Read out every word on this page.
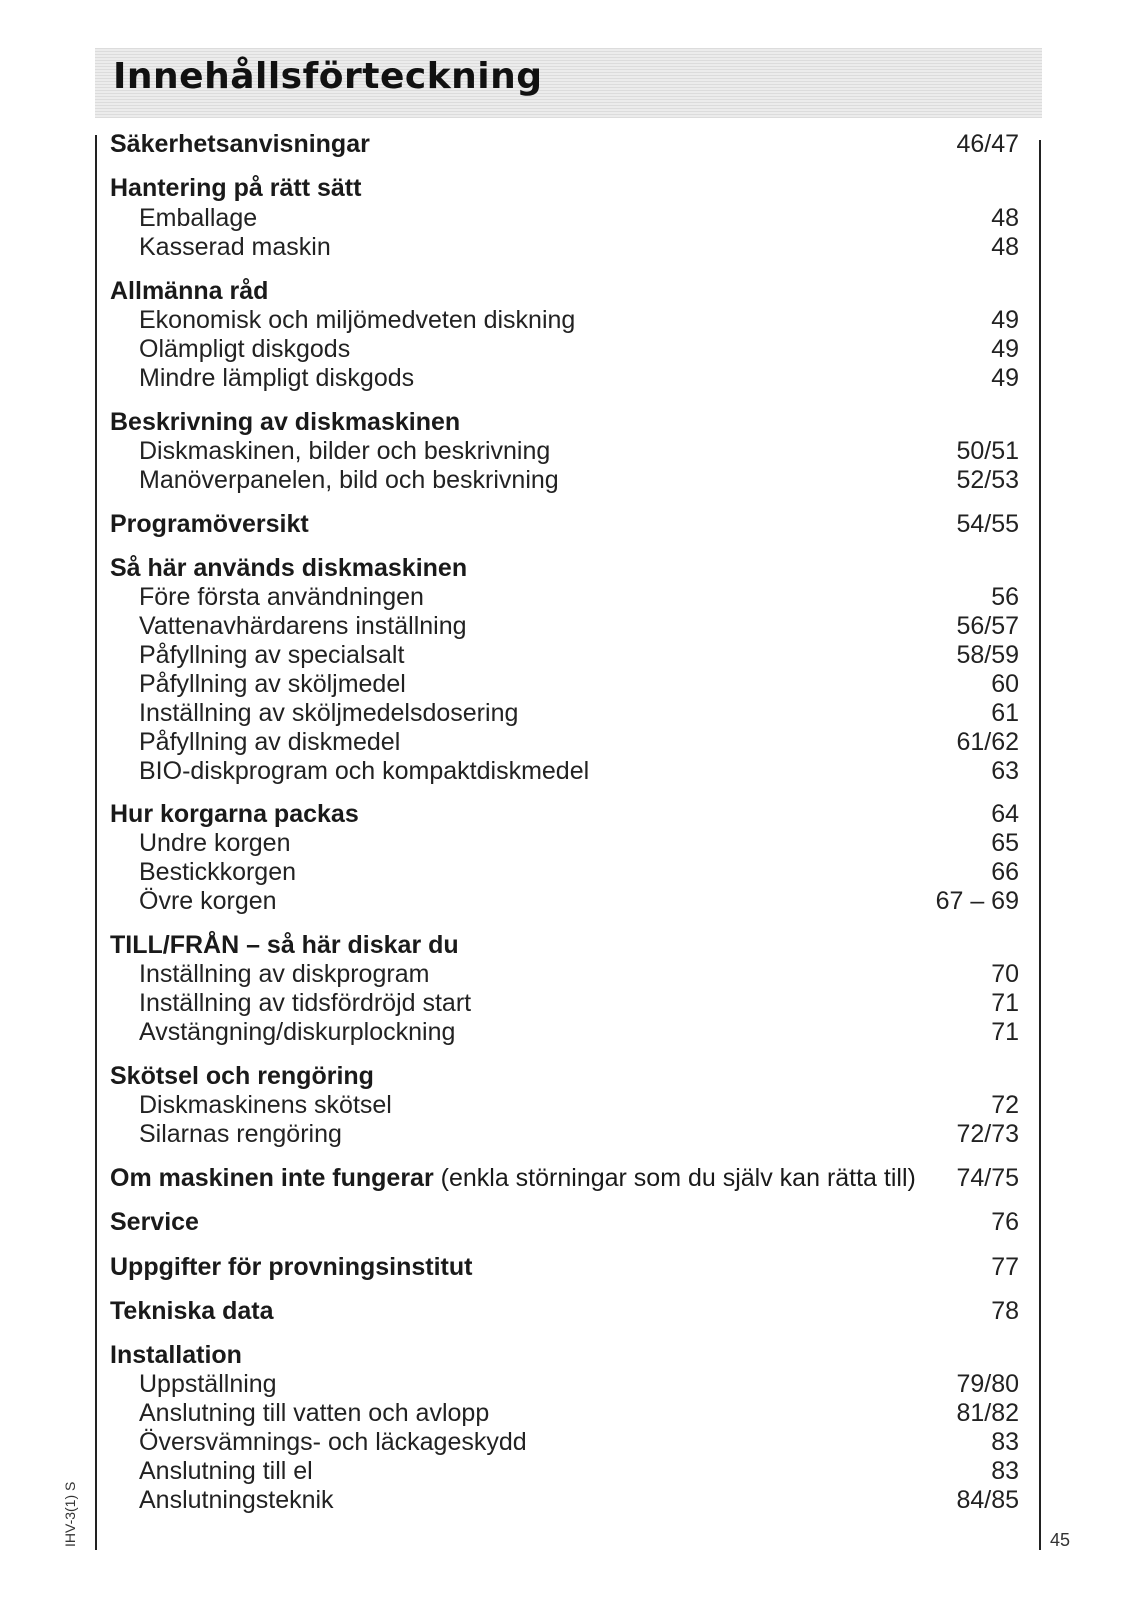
Innehållsförteckning
Säkerhetsanvisningar	46/47
Hantering på rätt sätt
Emballage	48
Kasserad maskin	48
Allmänna råd
Ekonomisk och miljömedveten diskning	49
Olämpligt diskgods	49
Mindre lämpligt diskgods	49
Beskrivning av diskmaskinen
Diskmaskinen, bilder och beskrivning	50/51
Manöverpanelen, bild och beskrivning	52/53
Programöversikt	54/55
Så här används diskmaskinen
Före första användningen	56
Vattenavhärdarens inställning	56/57
Påfyllning av specialsalt	58/59
Påfyllning av sköljmedel	60
Inställning av sköljmedelsdosering	61
Påfyllning av diskmedel	61/62
BIO-diskprogram och kompaktdiskmedel	63
Hur korgarna packas	64
Undre korgen	65
Bestickkorgen	66
Övre korgen	67 – 69
TILL/FRÅN – så här diskar du
Inställning av diskprogram	70
Inställning av tidsfördröjd start	71
Avstängning/diskurplockning	71
Skötsel och rengöring
Diskmaskinens skötsel	72
Silarnas rengöring	72/73
Om maskinen inte fungerar (enkla störningar som du själv kan rätta till) 74/75
Service	76
Uppgifter för provningsinstitut	77
Tekniska data	78
Installation
Uppställning	79/80
Anslutning till vatten och avlopp	81/82
Översvämnings- och läckageskydd	83
Anslutning till el	83
Anslutningsteknik	84/85
IHV-3(1) S	45
